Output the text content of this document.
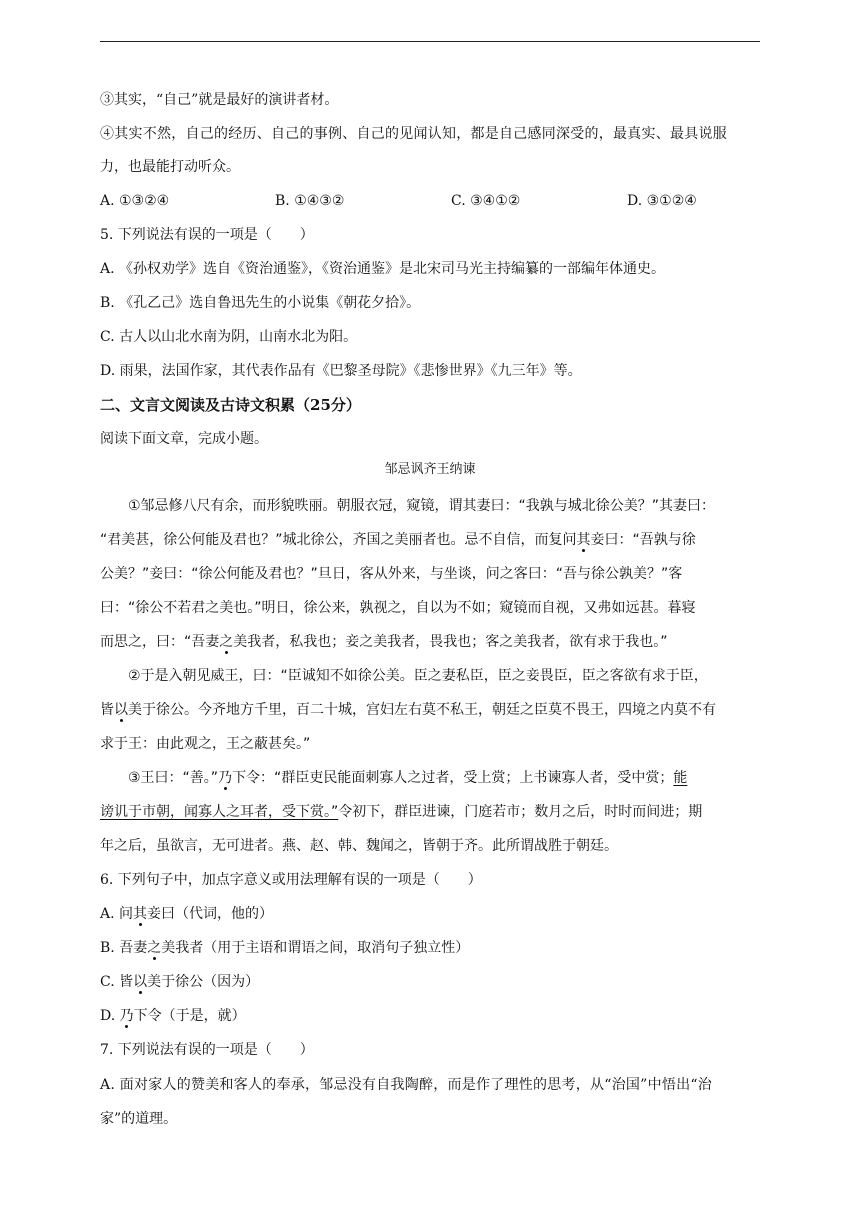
③其实，“自己”就是最好的演讲者材。
④其实不然，自己的经历、自己的事例、自己的见闻认知，都是自己感同深受的，最真实、最具说服
力，也最能打动听众。
A. ①③②④	B. ①④③②	C. ③④①②	D. ③①②④
5. 下列说法有误的一项是（　　）
A. 《孙权劝学》选自《资治通鉴》，《资治通鉴》是北宋司马光主持编纂的一部编年体通史。
B. 《孔乙己》选自鲁迅先生的小说集《朝花夕拾》。
C. 古人以山北水南为阴，山南水北为阳。
D. 雨果，法国作家，其代表作品有《巴黎圣母院》《悲惨世界》《九三年》等。
二、文言文阅读及古诗文积累（25分）
阅读下面文章，完成小题。
邹忌讽齐王纳谏
①邹忌修八尺有余，而形貌昳丽。朝服衣冠，窥镜，谓其妻曰：“我孰与城北徐公美？”其妻曰：
“君美甚，徐公何能及君也？”城北徐公，齐国之美丽者也。忌不自信，而复问其妾曰：“吾孰与徐
公美？”妾曰：“徐公何能及君也？”旦日，客从外来，与坐谈，问之客曰：“吾与徐公孰美？”客
曰：“徐公不若君之美也。”明日，徐公来，孰视之，自以为不如；窥镜而自视，又弗如远甚。暮寝
而思之，曰：“吾妻之美我者，私我也；妾之美我者，畏我也；客之美我者，欲有求于我也。”
②于是入朝见威王，曰：“臣诚知不如徐公美。臣之妻私臣，臣之妾畏臣，臣之客欲有求于臣，
皆以美于徐公。今齐地方千里，百二十城，宫妇左右莫不私王，朝廷之臣莫不畏王，四境之内莫不有
求于王：由此观之，王之蔽甚矣。”
③王曰：“善。”乃下令：“群臣吏民能面刺寡人之过者，受上赏；上书谏寡人者，受中赏；能
谤讥于市朝，闻寡人之耳者，受下赏。”令初下，群臣进谏，门庭若市；数月之后，时时而间进；期
年之后，虽欲言，无可进者。燕、赵、韩、魏闻之，皆朝于齐。此所谓战胜于朝廷。
6. 下列句子中，加点字意义或用法理解有误的一项是（　　）
A. 问其妾曰（代词，他的）
B. 吾妻之美我者（用于主语和谓语之间，取消句子独立性）
C. 皆以美于徐公（因为）
D. 乃下令（于是，就）
7. 下列说法有误的一项是（　　）
A. 面对家人的赞美和客人的奉承，邹忌没有自我陶醉，而是作了理性的思考，从“治国”中悟出“治
家”的道理。
